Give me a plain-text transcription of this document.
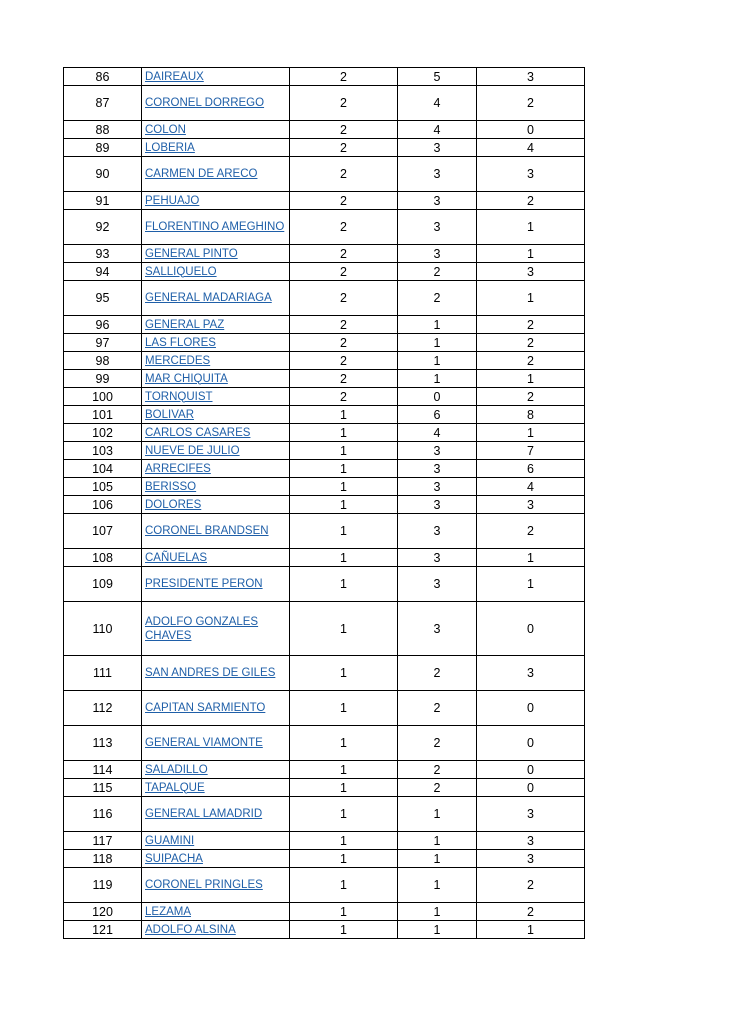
86	DAIREAUX	2	5	3
87	CORONEL DORREGO	2	4	2
88	COLON	2	4	0
89	LOBERIA	2	3	4
90	CARMEN DE ARECO	2	3	3
91	PEHUAJO	2	3	2
92	FLORENTINO AMEGHINO	2	3	1
93	GENERAL PINTO	2	3	1
94	SALLIQUELO	2	2	3
95	GENERAL MADARIAGA	2	2	1
96	GENERAL PAZ	2	1	2
97	LAS FLORES	2	1	2
98	MERCEDES	2	1	2
99	MAR CHIQUITA	2	1	1
100	TORNQUIST	2	0	2
101	BOLIVAR	1	6	8
102	CARLOS CASARES	1	4	1
103	NUEVE DE JULIO	1	3	7
104	ARRECIFES	1	3	6
105	BERISSO	1	3	4
106	DOLORES	1	3	3
107	CORONEL BRANDSEN	1	3	2
108	CAÑUELAS	1	3	1
109	PRESIDENTE PERON	1	3	1
110	ADOLFO GONZALES CHAVES	1	3	0
111	SAN ANDRES DE GILES	1	2	3
112	CAPITAN SARMIENTO	1	2	0
113	GENERAL VIAMONTE	1	2	0
114	SALADILLO	1	2	0
115	TAPALQUE	1	2	0
116	GENERAL LAMADRID	1	1	3
117	GUAMINI	1	1	3
118	SUIPACHA	1	1	3
119	CORONEL PRINGLES	1	1	2
120	LEZAMA	1	1	2
121	ADOLFO ALSINA	1	1	1
